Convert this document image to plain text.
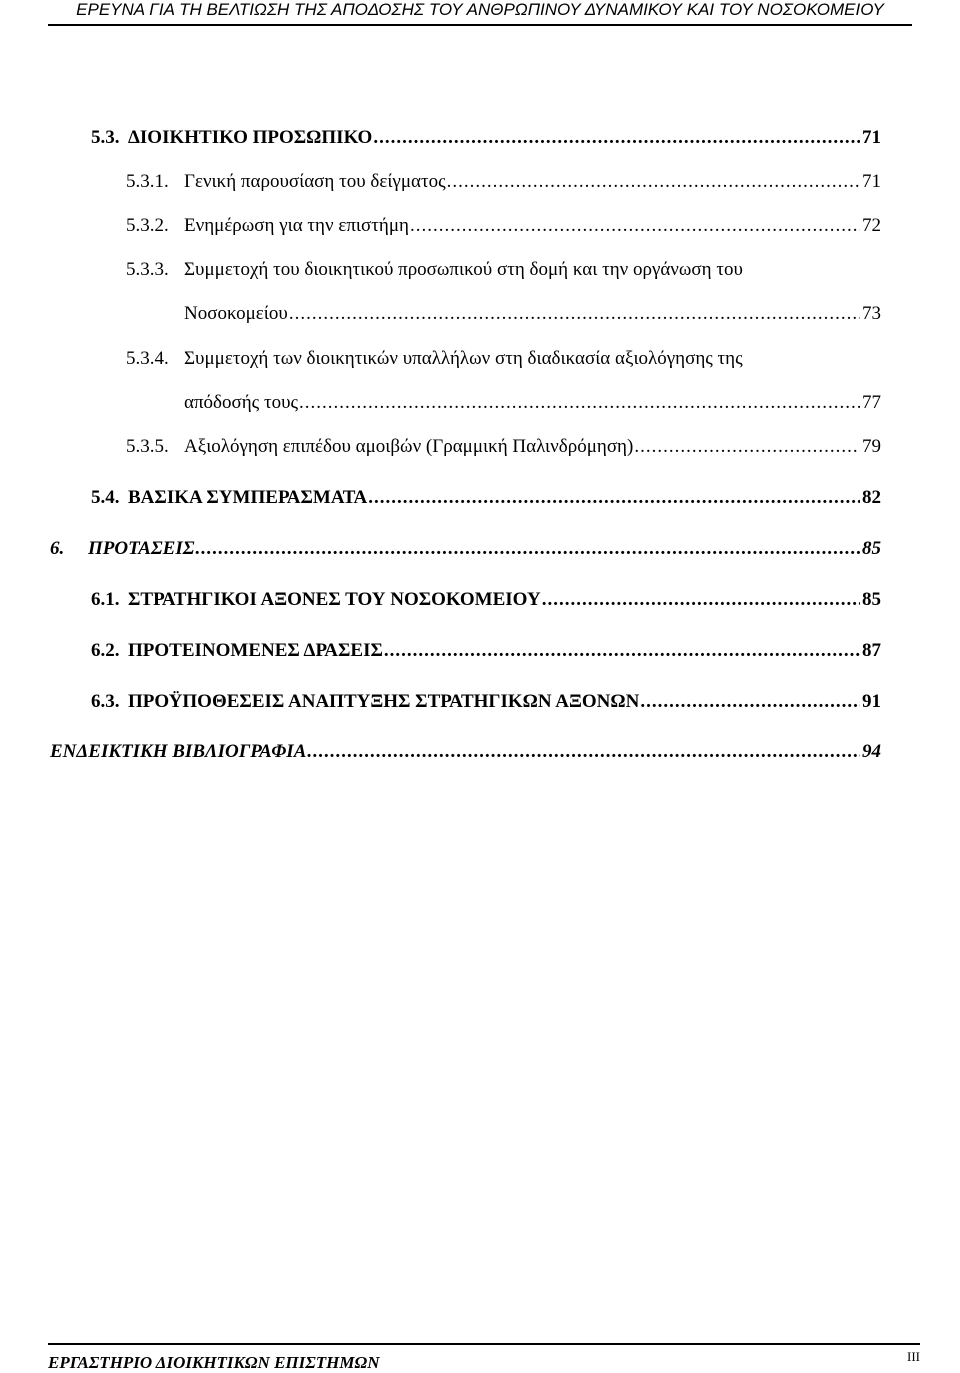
ΕΡΕΥΝΑ ΓΙΑ ΤΗ ΒΕΛΤΙΩΣΗ ΤΗΣ ΑΠΟΔΟΣΗΣ ΤΟΥ ΑΝΘΡΩΠΙΝΟΥ ΔΥΝΑΜΙΚΟΥ ΚΑΙ ΤΟΥ ΝΟΣΟΚΟΜΕΙΟΥ
5.3. ΔΙΟΙΚΗΤΙΚΟ ΠΡΟΣΩΠΙΚΟ .....	71
5.3.1. Γενική παρουσίαση του δείγματος .....	71
5.3.2. Ενημέρωση για την επιστήμη .....	72
5.3.3. Συμμετοχή του διοικητικού προσωπικού στη δομή και την οργάνωση του
Νοσοκομείου .....	73
5.3.4. Συμμετοχή των διοικητικών υπαλλήλων στη διαδικασία αξιολόγησης της
απόδοσής τους .....	77
5.3.5. Αξιολόγηση επιπέδου αμοιβών (Γραμμική Παλινδρόμηση) .....	79
5.4. ΒΑΣΙΚΑ ΣΥΜΠΕΡΑΣΜΑΤΑ .....	82
6.	ΠΡΟΤΑΣΕΙΣ .....	85
6.1. ΣΤΡΑΤΗΓΙΚΟΙ ΑΞΟΝΕΣ ΤΟΥ ΝΟΣΟΚΟΜΕΙΟΥ .....	85
6.2. ΠΡΟΤΕΙΝΟΜΕΝΕΣ ΔΡΑΣΕΙΣ .....	87
6.3. ΠΡΟΫΠΟΘΕΣΕΙΣ ΑΝΑΠΤΥΞΗΣ ΣΤΡΑΤΗΓΙΚΩΝ ΑΞΟΝΩΝ .....	91
ΕΝΔΕΙΚΤΙΚΗ ΒΙΒΛΙΟΓΡΑΦΙΑ .....	94
ΕΡΓΑΣΤΗΡΙΟ ΔΙΟΙΚΗΤΙΚΩΝ ΕΠΙΣΤΗΜΩΝ	III
